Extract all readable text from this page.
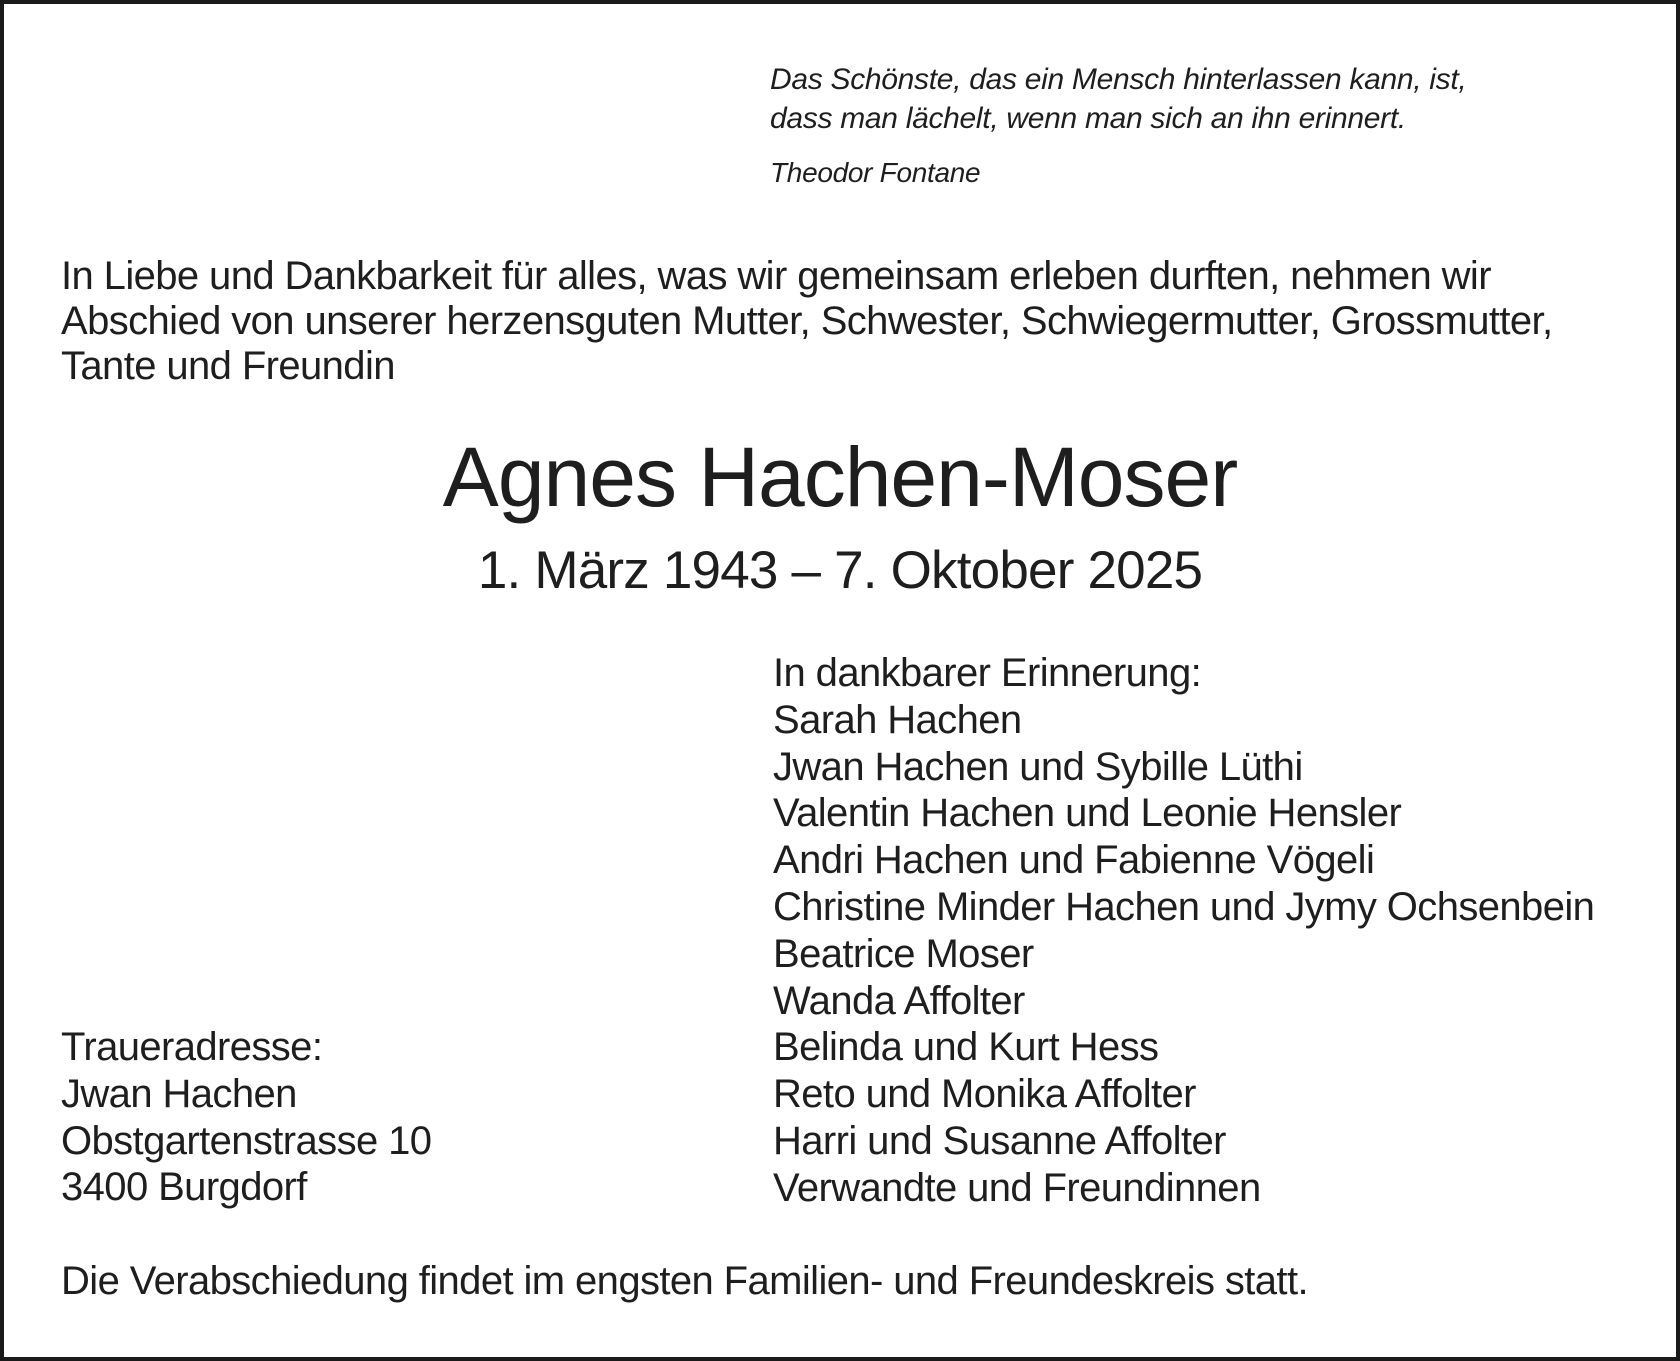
Das Schönste, das ein Mensch hinterlassen kann, ist,
dass man lächelt, wenn man sich an ihn erinnert.
Theodor Fontane
In Liebe und Dankbarkeit für alles, was wir gemeinsam erleben durften, nehmen wir
Abschied von unserer herzensguten Mutter, Schwester, Schwiegermutter, Grossmutter,
Tante und Freundin
Agnes Hachen-Moser
1. März 1943 – 7. Oktober 2025
In dankbarer Erinnerung:
Sarah Hachen
Jwan Hachen und Sybille Lüthi
Valentin Hachen und Leonie Hensler
Andri Hachen und Fabienne Vögeli
Christine Minder Hachen und Jymy Ochsenbein
Beatrice Moser
Wanda Affolter
Belinda und Kurt Hess
Reto und Monika Affolter
Harri und Susanne Affolter
Verwandte und Freundinnen
Traueradresse:
Jwan Hachen
Obstgartenstrasse 10
3400 Burgdorf
Die Verabschiedung findet im engsten Familien- und Freundeskreis statt.
